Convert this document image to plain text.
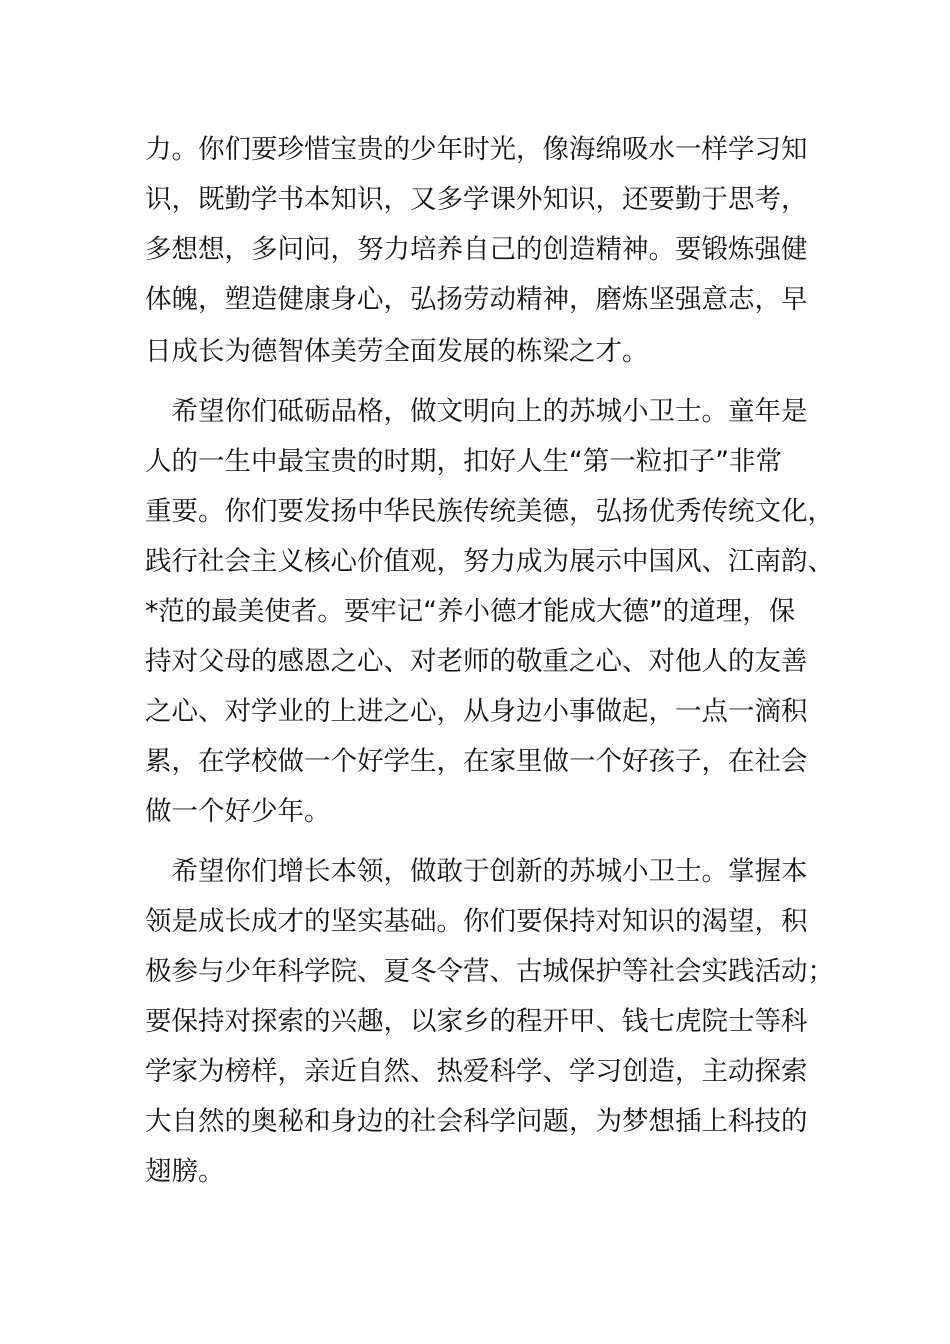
力。你们要珍惜宝贵的少年时光，像海绵吸水一样学习知

识，既勤学书本知识，又多学课外知识，还要勤于思考，

多想想，多问问，努力培养自己的创造精神。要锻炼强健

体魄，塑造健康身心，弘扬劳动精神，磨炼坚强意志，早

日成长为德智体美劳全面发展的栋梁之才。

　希望你们砥砺品格，做文明向上的苏城小卫士。童年是

人的一生中最宝贵的时期，扣好人生“第一粒扣子”非常

重要。你们要发扬中华民族传统美德，弘扬优秀传统文化，

践行社会主义核心价值观，努力成为展示中国风、江南韵、

*范的最美使者。要牢记“养小德才能成大德”的道理，保

持对父母的感恩之心、对老师的敬重之心、对他人的友善

之心、对学业的上进之心，从身边小事做起，一点一滴积

累，在学校做一个好学生，在家里做一个好孩子，在社会

做一个好少年。

　希望你们增长本领，做敢于创新的苏城小卫士。掌握本

领是成长成才的坚实基础。你们要保持对知识的渴望，积

极参与少年科学院、夏冬令营、古城保护等社会实践活动；

要保持对探索的兴趣，以家乡的程开甲、钱七虎院士等科

学家为榜样，亲近自然、热爱科学、学习创造，主动探索

大自然的奥秘和身边的社会科学问题，为梦想插上科技的

翅膀。
